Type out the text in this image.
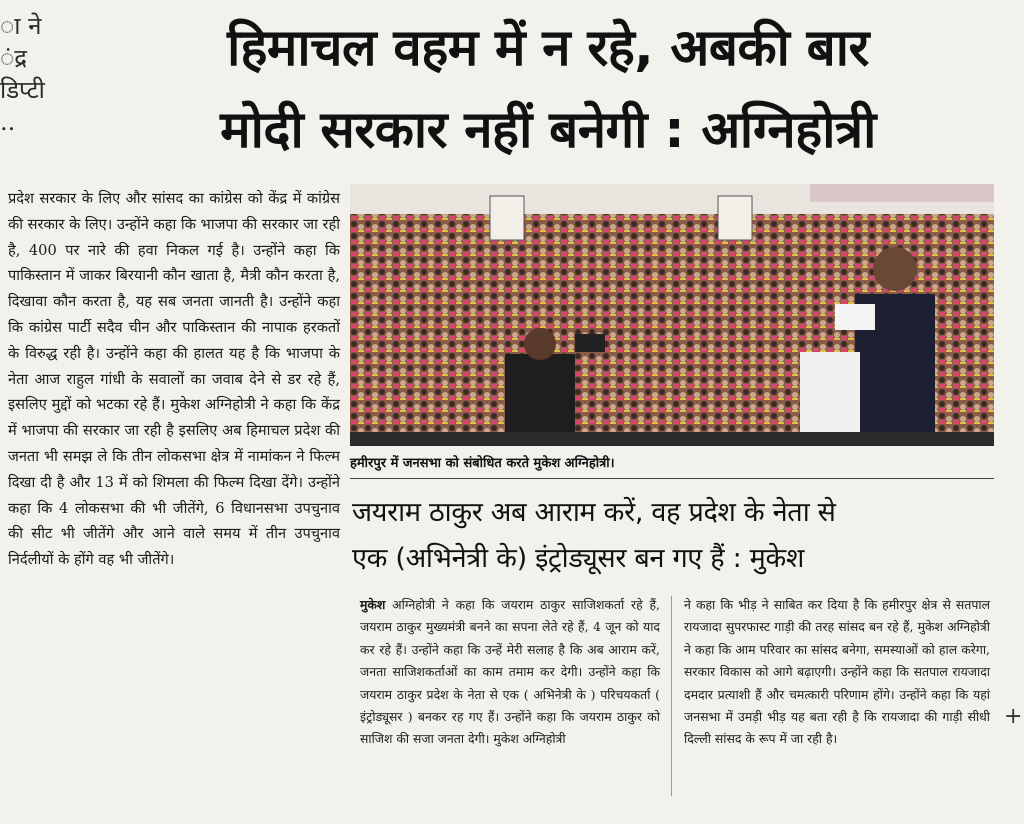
ा ने
ंद्र
डिप्टी
..
हिमाचल वहम में न रहे, अबकी बार
मोदी सरकार नहीं बनेगी : अग्निहोत्री

प्रदेश सरकार के लिए और सांसद का कांग्रेस को केंद्र में कांग्रेस की सरकार के लिए। उन्होंने कहा कि भाजपा की सरकार जा रही है, 400 पर नारे की हवा निकल गई है। उन्होंने कहा कि पाकिस्तान में जाकर बिरयानी कौन खाता है, मैत्री कौन करता है, दिखावा कौन करता है, यह सब जनता जानती है। उन्होंने कहा कि कांग्रेस पार्टी सदैव चीन और पाकिस्तान की नापाक हरकतों के विरुद्ध रही है। उन्होंने कहा की हालत यह है कि भाजपा के नेता आज राहुल गांधी के सवालों का जवाब देने से डर रहे हैं, इसलिए मुद्दों को भटका रहे हैं। मुकेश अग्निहोत्री ने कहा कि केंद्र में भाजपा की सरकार जा रही है इसलिए अब हिमाचल प्रदेश की जनता भी समझ ले कि तीन लोकसभा क्षेत्र में नामांकन ने फिल्म दिखा दी है और 13 में को शिमला की फिल्म दिखा देंगे। उन्होंने कहा कि 4 लोकसभा की भी जीतेंगे, 6 विधानसभा उपचुनाव की सीट भी जीतेंगे और आने वाले समय में तीन उपचुनाव निर्दलीयों के होंगे वह भी जीतेंगे।

हमीरपुर में जनसभा को संबोधित करते मुकेश अग्निहोत्री।
जयराम ठाकुर अब आराम करें, वह प्रदेश के नेता से
एक (अभिनेत्री के) इंट्रोड्यूसर बन गए हैं : मुकेश

मुकेश अग्निहोत्री ने कहा कि जयराम ठाकुर साजिशकर्ता रहे हैं, जयराम ठाकुर मुख्यमंत्री बनने का सपना लेते रहे हैं, 4 जून को याद कर रहे हैं। उन्होंने कहा कि उन्हें मेरी सलाह है कि अब आराम करें, जनता साजिशकर्ताओं का काम तमाम कर देगी। उन्होंने कहा कि जयराम ठाकुर प्रदेश के नेता से एक ( अभिनेत्री के ) परिचयकर्ता ( इंट्रोड्यूसर ) बनकर रह गए हैं। उन्होंने कहा कि जयराम ठाकुर को साजिश की सजा जनता देगी। मुकेश अग्निहोत्री

ने कहा कि भीड़ ने साबित कर दिया है कि हमीरपुर क्षेत्र से सतपाल रायजादा सुपरफास्ट गाड़ी की तरह सांसद बन रहे हैं, मुकेश अग्निहोत्री ने कहा कि आम परिवार का सांसद बनेगा, समस्याओं को हाल करेगा, सरकार विकास को आगे बढ़ाएगी। उन्होंने कहा कि सतपाल रायजादा दमदार प्रत्याशी हैं और चमत्कारी परिणाम होंगे। उन्होंने कहा कि यहां जनसभा में उमड़ी भीड़ यह बता रही है कि रायजादा की गाड़ी सीधी दिल्ली सांसद के रूप में जा रही है।

+
